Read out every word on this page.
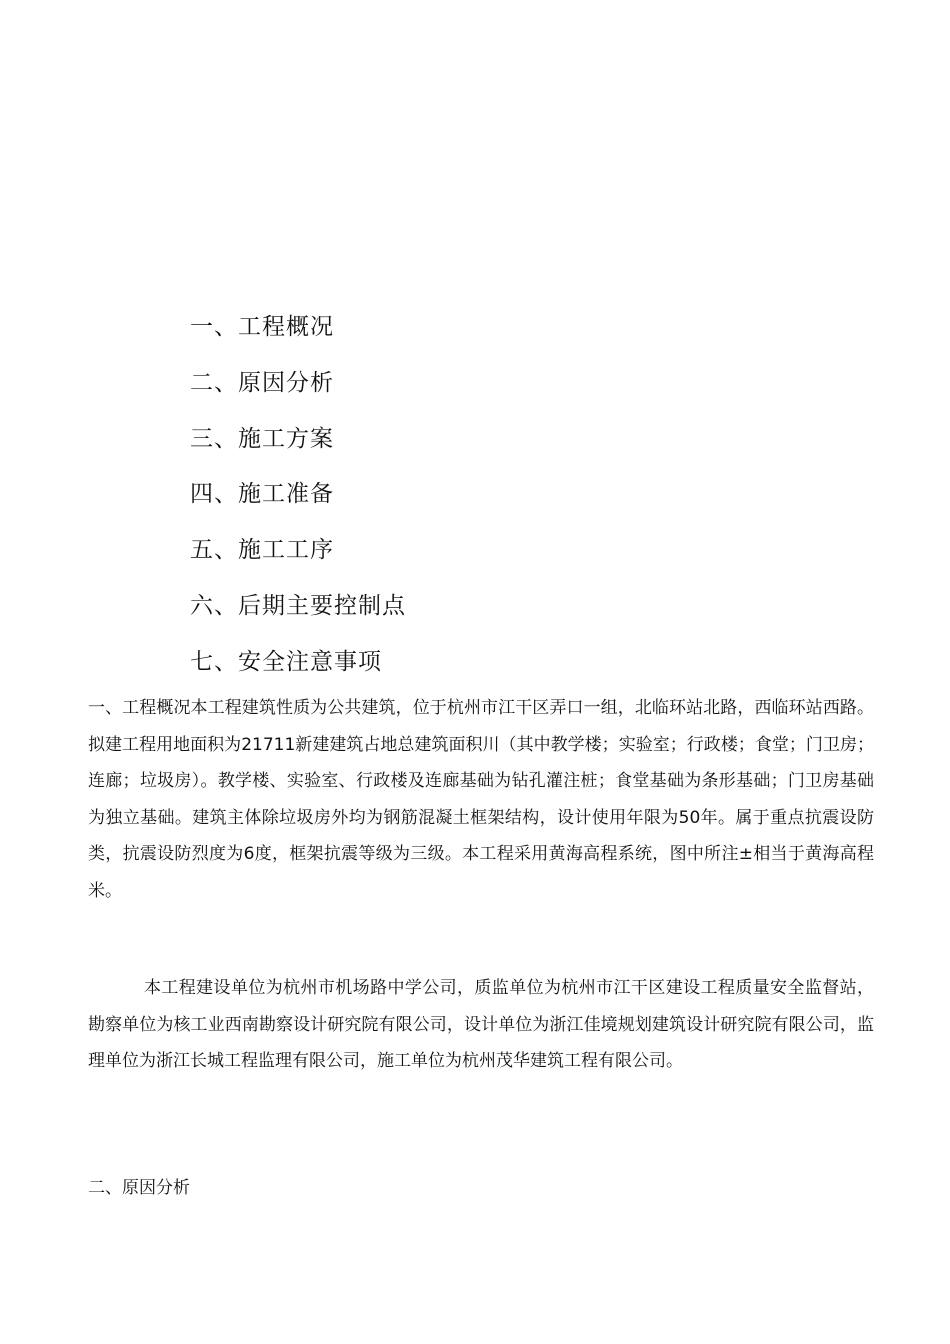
一、工程概况
二、原因分析
三、施工方案
四、施工准备
五、施工工序
六、后期主要控制点
七、安全注意事项

一、工程概况本工程建筑性质为公共建筑，位于杭州市江干区弄口一组，北临环站北路，西临环站西路。拟建工程用地面积为21711新建建筑占地总建筑面积川（其中教学楼；实验室；行政楼；食堂；门卫房；连廊；垃圾房）。教学楼、实验室、行政楼及连廊基础为钻孔灌注桩；食堂基础为条形基础；门卫房基础为独立基础。建筑主体除垃圾房外均为钢筋混凝土框架结构，设计使用年限为50年。属于重点抗震设防类，抗震设防烈度为6度，框架抗震等级为三级。本工程采用黄海高程系统，图中所注±相当于黄海高程米。

本工程建设单位为杭州市机场路中学公司，质监单位为杭州市江干区建设工程质量安全监督站，勘察单位为核工业西南勘察设计研究院有限公司，设计单位为浙江佳境规划建筑设计研究院有限公司，监理单位为浙江长城工程监理有限公司，施工单位为杭州茂华建筑工程有限公司。

二、原因分析
